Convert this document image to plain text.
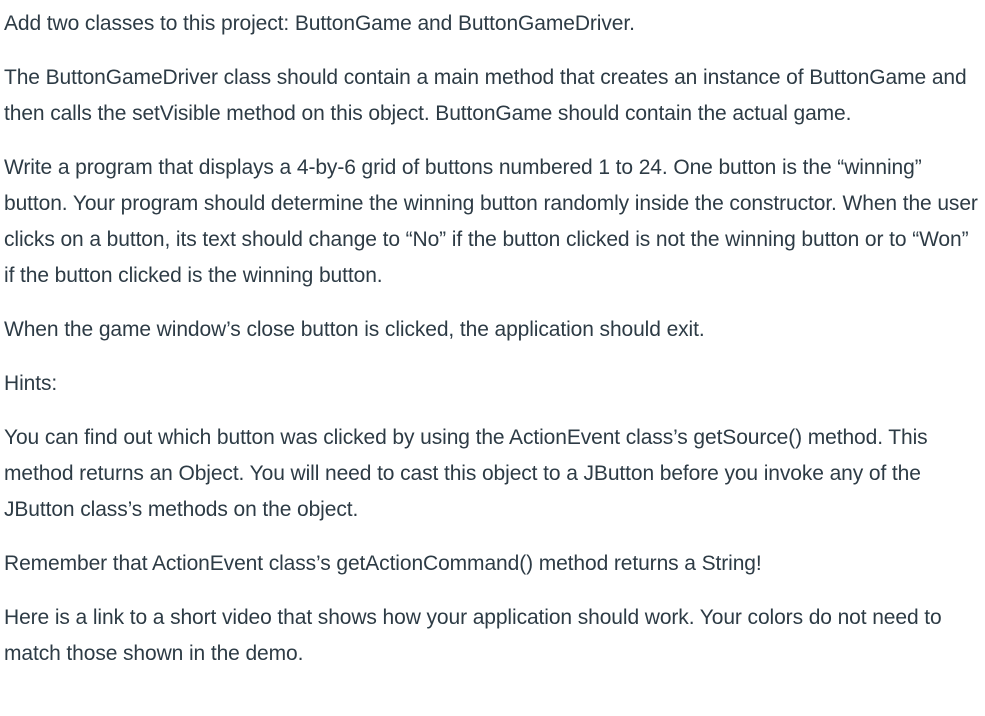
Add two classes to this project: ButtonGame and ButtonGameDriver.

The ButtonGameDriver class should contain a main method that creates an instance of ButtonGame and then calls the setVisible method on this object. ButtonGame should contain the actual game.

Write a program that displays a 4-by-6 grid of buttons numbered 1 to 24. One button is the “winning” button. Your program should determine the winning button randomly inside the constructor. When the user clicks on a button, its text should change to “No” if the button clicked is not the winning button or to “Won” if the button clicked is the winning button.

When the game window’s close button is clicked, the application should exit.

Hints:

You can find out which button was clicked by using the ActionEvent class’s getSource() method. This method returns an Object. You will need to cast this object to a JButton before you invoke any of the JButton class’s methods on the object.

Remember that ActionEvent class’s getActionCommand() method returns a String!

Here is a link to a short video that shows how your application should work. Your colors do not need to match those shown in the demo.
